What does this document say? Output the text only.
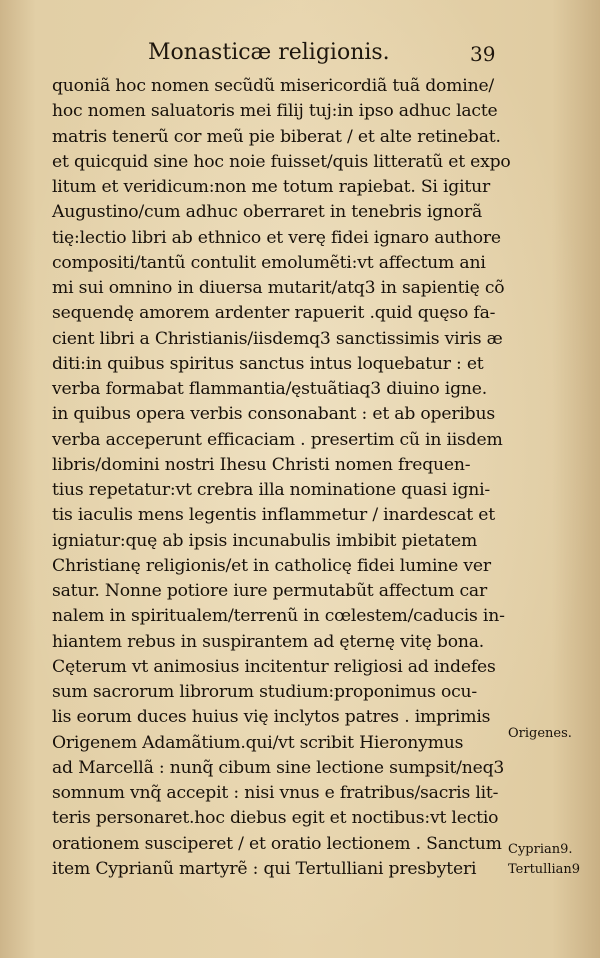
Monasticæ religionis.	39
quoniã hoc nomen secũdũ misericordiã tuã domine/
hoc nomen saluatoris mei filij tuj:in ipso adhuc lacte
matris tenerũ cor meũ pie biberat / et alte retinebat.
et quicquid sine hoc noie fuisset/quis litteratũ et expo
litum et veridicum:non me totum rapiebat. Si igitur
Augustino/cum adhuc oberraret in tenebris ignorã
tię:lectio libri ab ethnico et verę fidei ignaro authore
compositi/tantũ contulit emolumẽti:vt affectum ani
mi sui omnino in diuersa mutarit/atq3 in sapientię cõ
sequendę amorem ardenter rapuerit .quid quęso fa-
cient libri a Christianis/iisdemq3 sanctissimis viris æ
diti:in quibus spiritus sanctus intus loquebatur : et
verba formabat flammantia/ęstuãtiaq3 diuino igne.
in quibus opera verbis consonabant : et ab operibus
verba acceperunt efficaciam . presertim cũ in iisdem
libris/domini nostri Ihesu Christi nomen frequen-
tius repetatur:vt crebra illa nominatione quasi igni-
tis iaculis mens legentis inflammetur / inardescat et
igniatur:quę ab ipsis incunabulis imbibit pietatem
Christianę religionis/et in catholicę fidei lumine ver
satur. Nonne potiore iure permutabũt affectum car
nalem in spiritualem/terrenũ in cœlestem/caducis in-
hiantem rebus in suspirantem ad ęternę vitę bona.
Cęterum vt animosius incitentur religiosi ad indefes
sum sacrorum librorum studium:proponimus ocu-
lis eorum duces huius vię inclytos patres . imprimis
Origenem Adamãtium.qui/vt scribit Hieronymus
ad Marcellã : nunq̃ cibum sine lectione sumpsit/neq3
somnum vnq̃ accepit : nisi vnus e fratribus/sacris lit-
teris personaret.hoc diebus egit et noctibus:vt lectio
orationem susciperet / et oratio lectionem . Sanctum
item Cyprianũ martyrẽ : qui Tertulliani presbyteri
Origenes.
Cyprian9.
Tertullian9
